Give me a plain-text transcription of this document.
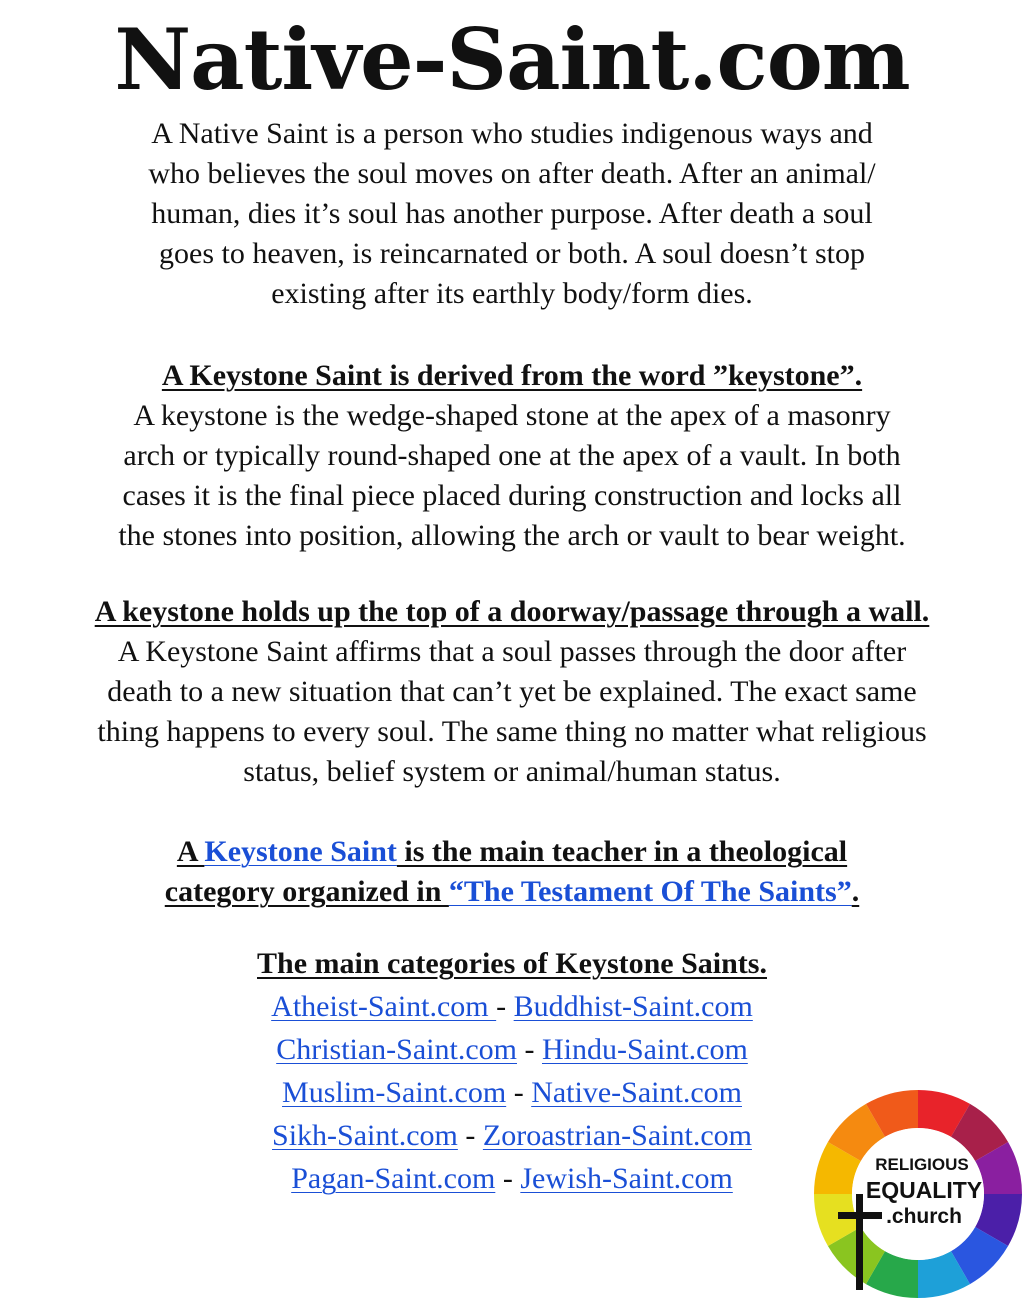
Native-Saint.com

A Native Saint is a person who studies indigenous ways and

who believes the soul moves on after death. After an animal/

human, dies it’s soul has another purpose. After death a soul

goes to heaven, is reincarnated or both. A soul doesn’t stop

existing after its earthly body/form dies.

A Keystone Saint is derived from the word ”keystone”.

A keystone is the wedge-shaped stone at the apex of a masonry

arch or typically round-shaped one at the apex of a vault. In both

cases it is the final piece placed during construction and locks all

the stones into position, allowing the arch or vault to bear weight.

A keystone holds up the top of a doorway/passage through a wall.

A Keystone Saint affirms that a soul passes through the door after

death to a new situation that can’t yet be explained. The exact same

thing happens to every soul. The same thing no matter what religious

status, belief system or animal/human status.

A Keystone Saint is the main teacher in a theological

category organized in “The Testament Of The Saints”.

The main categories of Keystone Saints.

Atheist-Saint.com - Buddhist-Saint.com

Christian-Saint.com - Hindu-Saint.com

Muslim-Saint.com - Native-Saint.com

Sikh-Saint.com - Zoroastrian-Saint.com

Pagan-Saint.com - Jewish-Saint.com	RELIGIOUS
EQUALITY
.church
